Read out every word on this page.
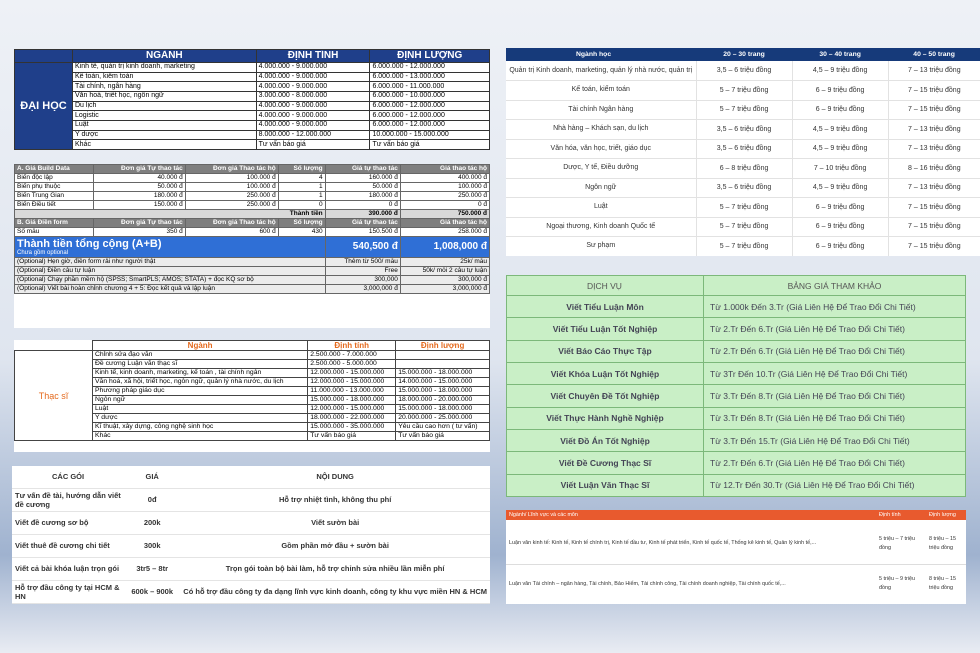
	NGÀNH	ĐỊNH TÍNH	ĐỊNH LƯỢNG
ĐẠI HỌC	Kinh tế, quản trị kinh doanh, marketing	4.000.000 - 9.000.000	6.000.000 - 12.000.000
	Kế toán, kiểm toán	4.000.000 - 9.000.000	6.000.000 - 13.000.000
	Tài chính, ngân hàng	4.000.000 - 9.000.000	6.000.000 - 11.000.000
	Văn hoá, triết học, ngôn ngữ	3.000.000 - 8.000.000	6.000.000 - 10.000.000
	Du lịch	4.000.000 - 9.000.000	6.000.000 - 12.000.000
	Logistic	4.000.000 - 9.000.000	6.000.000 - 12.000.000
	Luật	4.000.000 - 9.000.000	6.000.000 - 12.000.000
	Y dược	8.000.000 - 12.000.000	10.000.000 - 15.000.000
	Khác	Tư vấn báo giá	Tư vấn báo giá
A. Giá Build Data	Đơn giá Tự thao tác	Đơn giá Thao tác hộ	Số lượng	Giá tự thao tác	Giá thao tác hộ
Biến độc lập	40.000 đ	100.000 đ	4	160.000 đ	400.000 đ
Biến phụ thuộc	50.000 đ	100.000 đ	1	50.000 đ	100.000 đ
Biến Trung Gian	180.000 đ	250.000 đ	1	180.000 đ	250.000 đ
Biến Điều tiết	150.000 đ	250.000 đ	0	0 đ	0 đ
Thành tiền				390.000 đ	750.000 đ
B. Giá Điền form	Đơn giá Tự thao tác	Đơn giá Thao tác hộ	Số lượng	Giá tự thao tác	Giá thao tác hộ
Số mẫu	350 đ	600 đ	430	150.500 đ	258.000 đ

Thành tiền tổng cộng (A+B)
Chưa gồm optional				540,500 đ	1,008,000 đ
(Optional) Hẹn giờ, điền form rải như người thật				Thêm từ 500/ mẫu	25k/ mẫu
(Optional) Điền câu tự luận				Free	50k/ mỗi 2 câu tự luận
(Optional) Chạy phần mềm hộ (SPSS; SmartPLS; AMOS; STATA) + đọc KQ sơ bộ				300,000	300,000 đ
(Optional) Viết bài hoàn chỉnh chương 4 + 5: Đọc kết quả và lập luận				3,000,000 đ	3,000,000 đ
	Ngành	Định tính	Định lượng
Thạc sĩ	Chỉnh sửa đạo văn	2.500.000 - 7.000.000	
	Đề cương Luận văn thạc sĩ	2.500.000 - 5.000.000	
	Kinh tế, kinh doanh, marketing, kế toán , tài chính ngân	12.000.000 - 15.000.000	15.000.000 - 18.000.000
	Văn hoá, xã hội, triết học, ngôn ngữ, quản lý nhà nước, du lịch	12.000.000 - 15.000.000	14.000.000 - 15.000.000
	Phương pháp giáo dục	11.000.000 - 13.000.000	15.000.000 - 18.000.000
	Ngôn ngữ	15.000.000 - 18.000.000	18.000.000 - 20.000.000
	Luật	12.000.000 - 15.000.000	15.000.000 - 18.000.000
	Y dược	18.000.000 - 22.000.000	20.000.000 - 25.000.000
	Kĩ thuật, xây dựng, công nghệ sinh học	15.000.000 - 35.000.000	Yêu cầu cao hơn ( tư vấn)
	Khác	Tư vấn báo giá	Tư vấn báo giá
CÁC GÓI	GIÁ	NỘI DUNG
Tư vấn đề tài, hướng dẫn viết đề cương	0đ	Hỗ trợ nhiệt tình, không thu phí
Viết đề cương sơ bộ	200k	Viết sườn bài
Viết thuê đề cương chi tiết	300k	Gồm phần mở đầu + sườn bài
Viết cả bài khóa luận trọn gói	3tr5 – 8tr	Trọn gói toàn bộ bài làm, hỗ trợ chỉnh sửa nhiều lần miễn phí
Hỗ trợ đầu công ty tại HCM & HN	600k – 900k	Có hỗ trợ đầu công ty đa dạng lĩnh vực kinh doanh, công ty khu vực miền HN & HCM
Ngành học	20 – 30 trang	30 – 40 trang	40 – 50 trang
Quản trị Kinh doanh, marketing, quản lý nhà nước, quản trị	3,5 – 6 triệu đồng	4,5 – 9 triệu đồng	7 – 13 triệu đồng
Kế toán, kiểm toán	5 – 7 triệu đồng	6 – 9 triệu đồng	7 – 15 triệu đồng
Tài chính Ngân hàng	5 – 7 triệu đồng	6 – 9 triệu đồng	7 – 15 triệu đồng
Nhà hàng – Khách sạn, du lịch	3,5 – 6 triệu đồng	4,5 – 9 triệu đồng	7 – 13 triệu đồng
Văn hóa, văn học, triết, giáo dục	3,5 – 6 triệu đồng	4,5 – 9 triệu đồng	7 – 13 triệu đồng
Dược, Y tế, Điều dưỡng	6 – 8 triệu đồng	7 – 10 triệu đồng	8 – 16 triệu đồng
Ngôn ngữ	3,5 – 6 triệu đồng	4,5 – 9 triệu đồng	7 – 13 triệu đồng
Luật	5 – 7 triệu đồng	6 – 9 triệu đồng	7 – 15 triệu đồng
Ngoại thương, Kinh doanh Quốc tế	5 – 7 triệu đồng	6 – 9 triệu đồng	7 – 15 triệu đồng
Sư phạm	5 – 7 triệu đồng	6 – 9 triệu đồng	7 – 15 triệu đồng
DỊCH VỤ	BẢNG GIÁ THAM KHẢO
Viết Tiểu Luận Môn	Từ 1.000k Đến 3.Tr (Giá Liên Hệ Để Trao Đổi Chi Tiết)
Viết Tiểu Luận Tốt Nghiệp	Từ 2.Tr Đến 6.Tr (Giá Liên Hệ Để Trao Đổi Chi Tiết)
Viết Báo Cáo Thực Tập	Từ 2.Tr Đến 6.Tr (Giá Liên Hệ Để Trao Đổi Chi Tiết)
Viết Khóa Luận Tốt Nghiệp	Từ 3Tr Đến 10.Tr (Giá Liên Hệ Để Trao Đổi Chi Tiết)
Viết Chuyên Đề Tốt Nghiệp	Từ 3.Tr Đến 8.Tr (Giá Liên Hệ Để Trao Đổi Chi Tiết)
Viết Thực Hành Nghề Nghiệp	Từ 3.Tr Đến 8.Tr (Giá Liên Hệ Để Trao Đổi Chi Tiết)
Viết Đồ Án Tốt Nghiệp	Từ 3.Tr Đến 15.Tr (Giá Liên Hệ Để Trao Đổi Chi Tiết)
Viết Đề Cương Thạc Sĩ	Từ 2.Tr Đến 6.Tr (Giá Liên Hệ Để Trao Đổi Chi Tiết)
Viết Luận Văn Thạc Sĩ	Từ 12.Tr Đến 30.Tr (Giá Liên Hệ Để Trao Đổi Chi Tiết)
Ngành/ Lĩnh vực và các môn	Định tính	Định lượng

Luận văn kinh tế: Kinh tế, Kinh tế chính trị, Kinh tế đầu tư, Kinh tế phát triển, Kinh tế quốc tế, Thống kê kinh tế, Quản lý kinh tế,...	5 triệu – 7 triệu đồng	8 triệu – 15 triệu đồng
Luận văn Tài chính – ngân hàng, Tài chính, Bảo Hiểm, Tài chính công, Tài chính doanh nghiệp, Tài chính quốc tế,...	5 triệu – 9 triệu đồng	8 triệu – 15 triệu đồng
